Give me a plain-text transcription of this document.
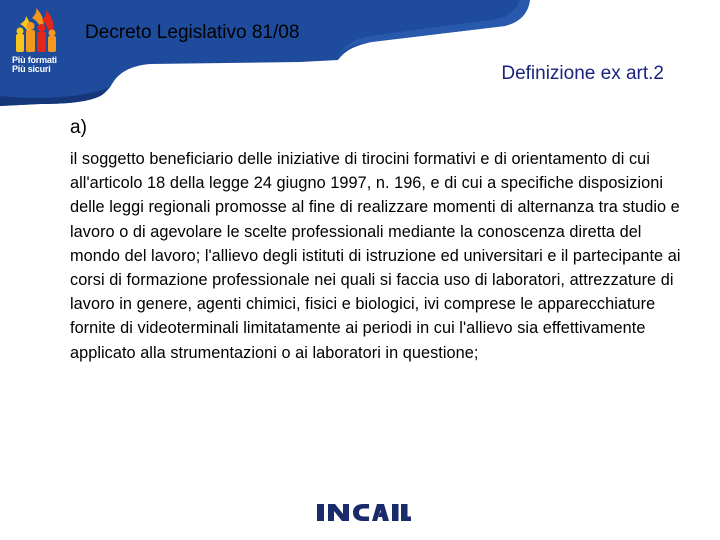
Più formati
Più sicuri
Decreto Legislativo 81/08
Definizione ex art.2
a)
il soggetto beneficiario delle iniziative di tirocini formativi e di orientamento di cui all'articolo 18 della legge 24 giugno 1997, n. 196, e di cui a specifiche disposizioni delle leggi regionali promosse al fine di realizzare momenti di alternanza tra studio e lavoro o di agevolare le scelte professionali mediante la conoscenza diretta del mondo del lavoro; l'allievo degli istituti di istruzione ed universitari e il partecipante ai corsi di formazione professionale nei quali si faccia uso di laboratori, attrezzature di lavoro in genere, agenti chimici, fisici e biologici, ivi comprese le apparecchiature fornite di videoterminali limitatamente ai periodi in cui l'allievo sia effettivamente applicato alla strumentazioni o ai laboratori in questione;
